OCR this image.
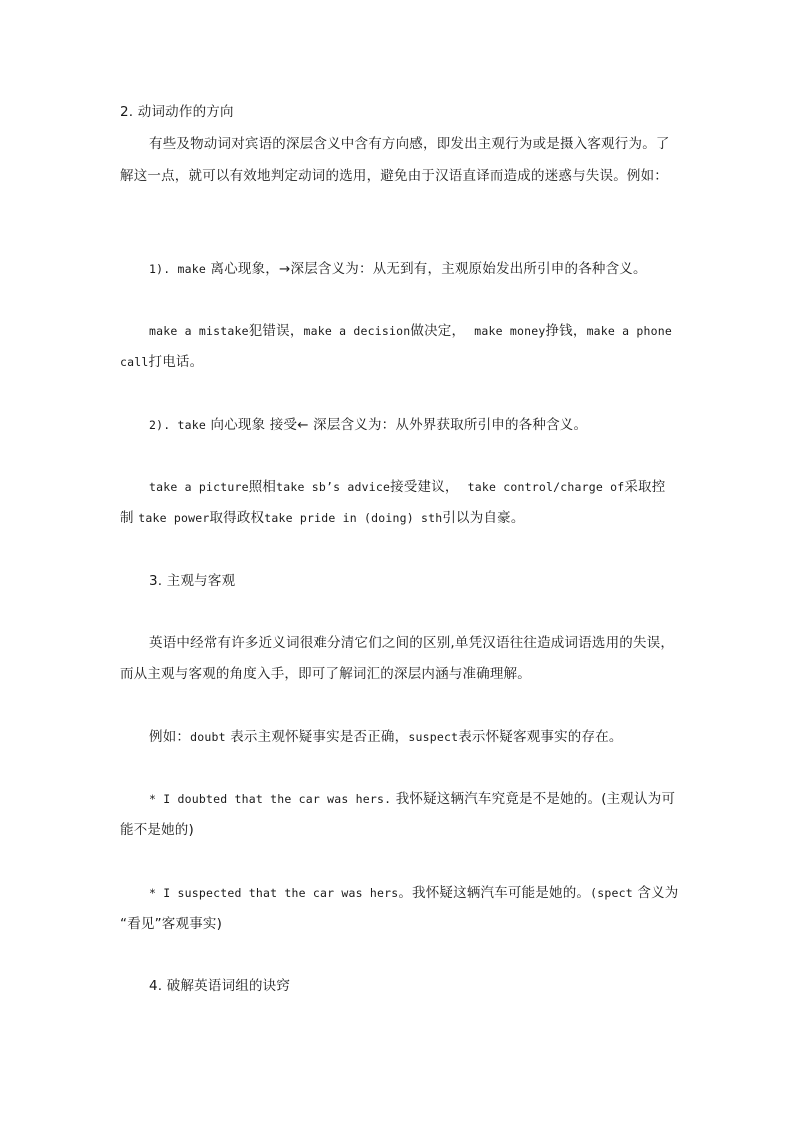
2. 动词动作的方向
有些及物动词对宾语的深层含义中含有方向感，即发出主观行为或是摄入客观行为。了
解这一点，就可以有效地判定动词的选用，避免由于汉语直译而造成的迷惑与失误。例如：
1). make 离心现象，→深层含义为：从无到有，主观原始发出所引申的各种含义。
make a mistake犯错误，make a decision做决定，  make money挣钱，make a phone
call打电话。
2). take 向心现象 接受← 深层含义为：从外界获取所引申的各种含义。
take a picture照相take sb’s advice接受建议，  take control/charge of采取控
制 take power取得政权take pride in (doing) sth引以为自豪。
3. 主观与客观
英语中经常有许多近义词很难分清它们之间的区别,单凭汉语往往造成词语选用的失误，
而从主观与客观的角度入手，即可了解词汇的深层内涵与准确理解。
例如：doubt 表示主观怀疑事实是否正确，suspect表示怀疑客观事实的存在。
* I doubted that the car was hers. 我怀疑这辆汽车究竟是不是她的。(主观认为可
能不是她的)
* I suspected that the car was hers。我怀疑这辆汽车可能是她的。(spect 含义为
“看见”客观事实)
4. 破解英语词组的诀窍
